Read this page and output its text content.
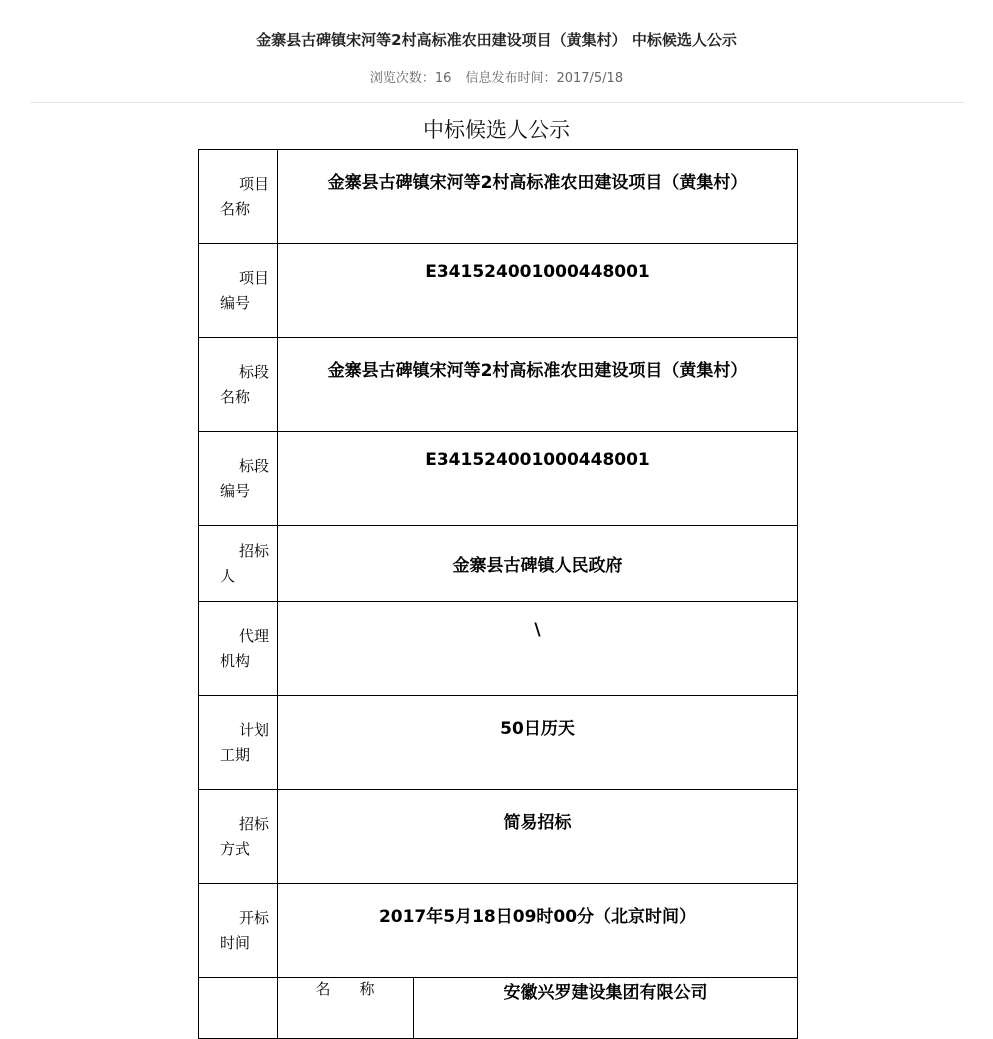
金寨县古碑镇宋河等2村高标准农田建设项目（黄集村） 中标候选人公示
浏览次数：16 信息发布时间：2017/5/18
中标候选人公示
项目名称	金寨县古碑镇宋河等2村高标准农田建设项目（黄集村）	

项目编号	E341524001000448001	

标段名称	金寨县古碑镇宋河等2村高标准农田建设项目（黄集村）	

标段编号	E341524001000448001	

招标人	金寨县古碑镇人民政府	

代理机构	\	

计划工期	50日历天	

招标方式	简易招标	

开标时间	2017年5月18日09时00分（北京时间）	
	名 称	安徽兴罗建设集团有限公司
